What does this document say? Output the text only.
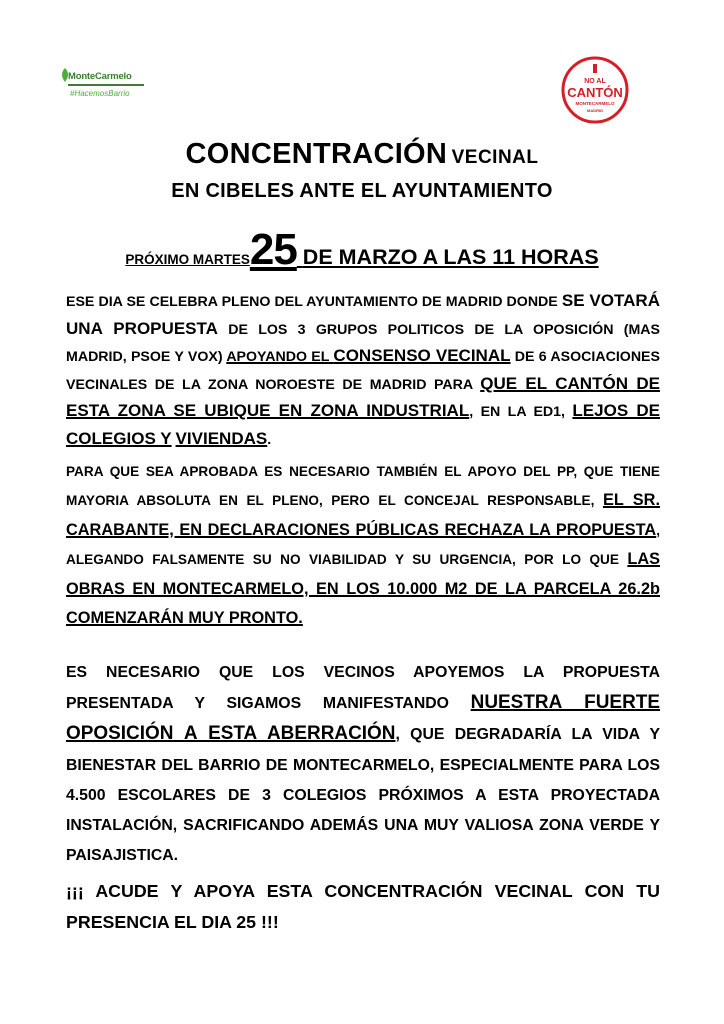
MonteCarmelo
#HacemosBarrio
NO AL
CANTÓN
MONTECARMELO
MADRID
CONCENTRACIÓN VECINAL
EN CIBELES ANTE EL AYUNTAMIENTO
PRÓXIMO MARTES25 DE MARZO A LAS 11 HORAS
ESE DIA SE CELEBRA PLENO DEL AYUNTAMIENTO DE MADRID DONDE SE VOTARÁ UNA PROPUESTA DE LOS 3 GRUPOS POLITICOS DE LA OPOSICIÓN (MAS MADRID, PSOE Y VOX) APOYANDO EL CONSENSO VECINAL DE 6 ASOCIACIONES VECINALES DE LA ZONA NOROESTE DE MADRID PARA QUE EL CANTÓN DE ESTA ZONA SE UBIQUE EN ZONA INDUSTRIAL, EN LA ED1, LEJOS DE COLEGIOS Y VIVIENDAS.
PARA QUE SEA APROBADA ES NECESARIO TAMBIÉN EL APOYO DEL PP, QUE TIENE MAYORIA ABSOLUTA EN EL PLENO, PERO EL CONCEJAL RESPONSABLE, EL SR. CARABANTE, EN DECLARACIONES PÚBLICAS RECHAZA LA PROPUESTA, ALEGANDO FALSAMENTE SU NO VIABILIDAD Y SU URGENCIA, POR LO QUE LAS OBRAS EN MONTECARMELO, EN LOS 10.000 M2 DE LA PARCELA 26.2b COMENZARÁN MUY PRONTO.
ES NECESARIO QUE LOS VECINOS APOYEMOS LA PROPUESTA PRESENTADA Y SIGAMOS MANIFESTANDO NUESTRA FUERTE OPOSICIÓN A ESTA ABERRACIÓN, QUE DEGRADARÍA LA VIDA Y BIENESTAR DEL BARRIO DE MONTECARMELO, ESPECIALMENTE PARA LOS 4.500 ESCOLARES DE 3 COLEGIOS PRÓXIMOS A ESTA PROYECTADA INSTALACIÓN, SACRIFICANDO ADEMÁS UNA MUY VALIOSA ZONA VERDE Y PAISAJISTICA.
¡¡¡ ACUDE Y APOYA ESTA CONCENTRACIÓN VECINAL CON TU PRESENCIA EL DIA 25 !!!
